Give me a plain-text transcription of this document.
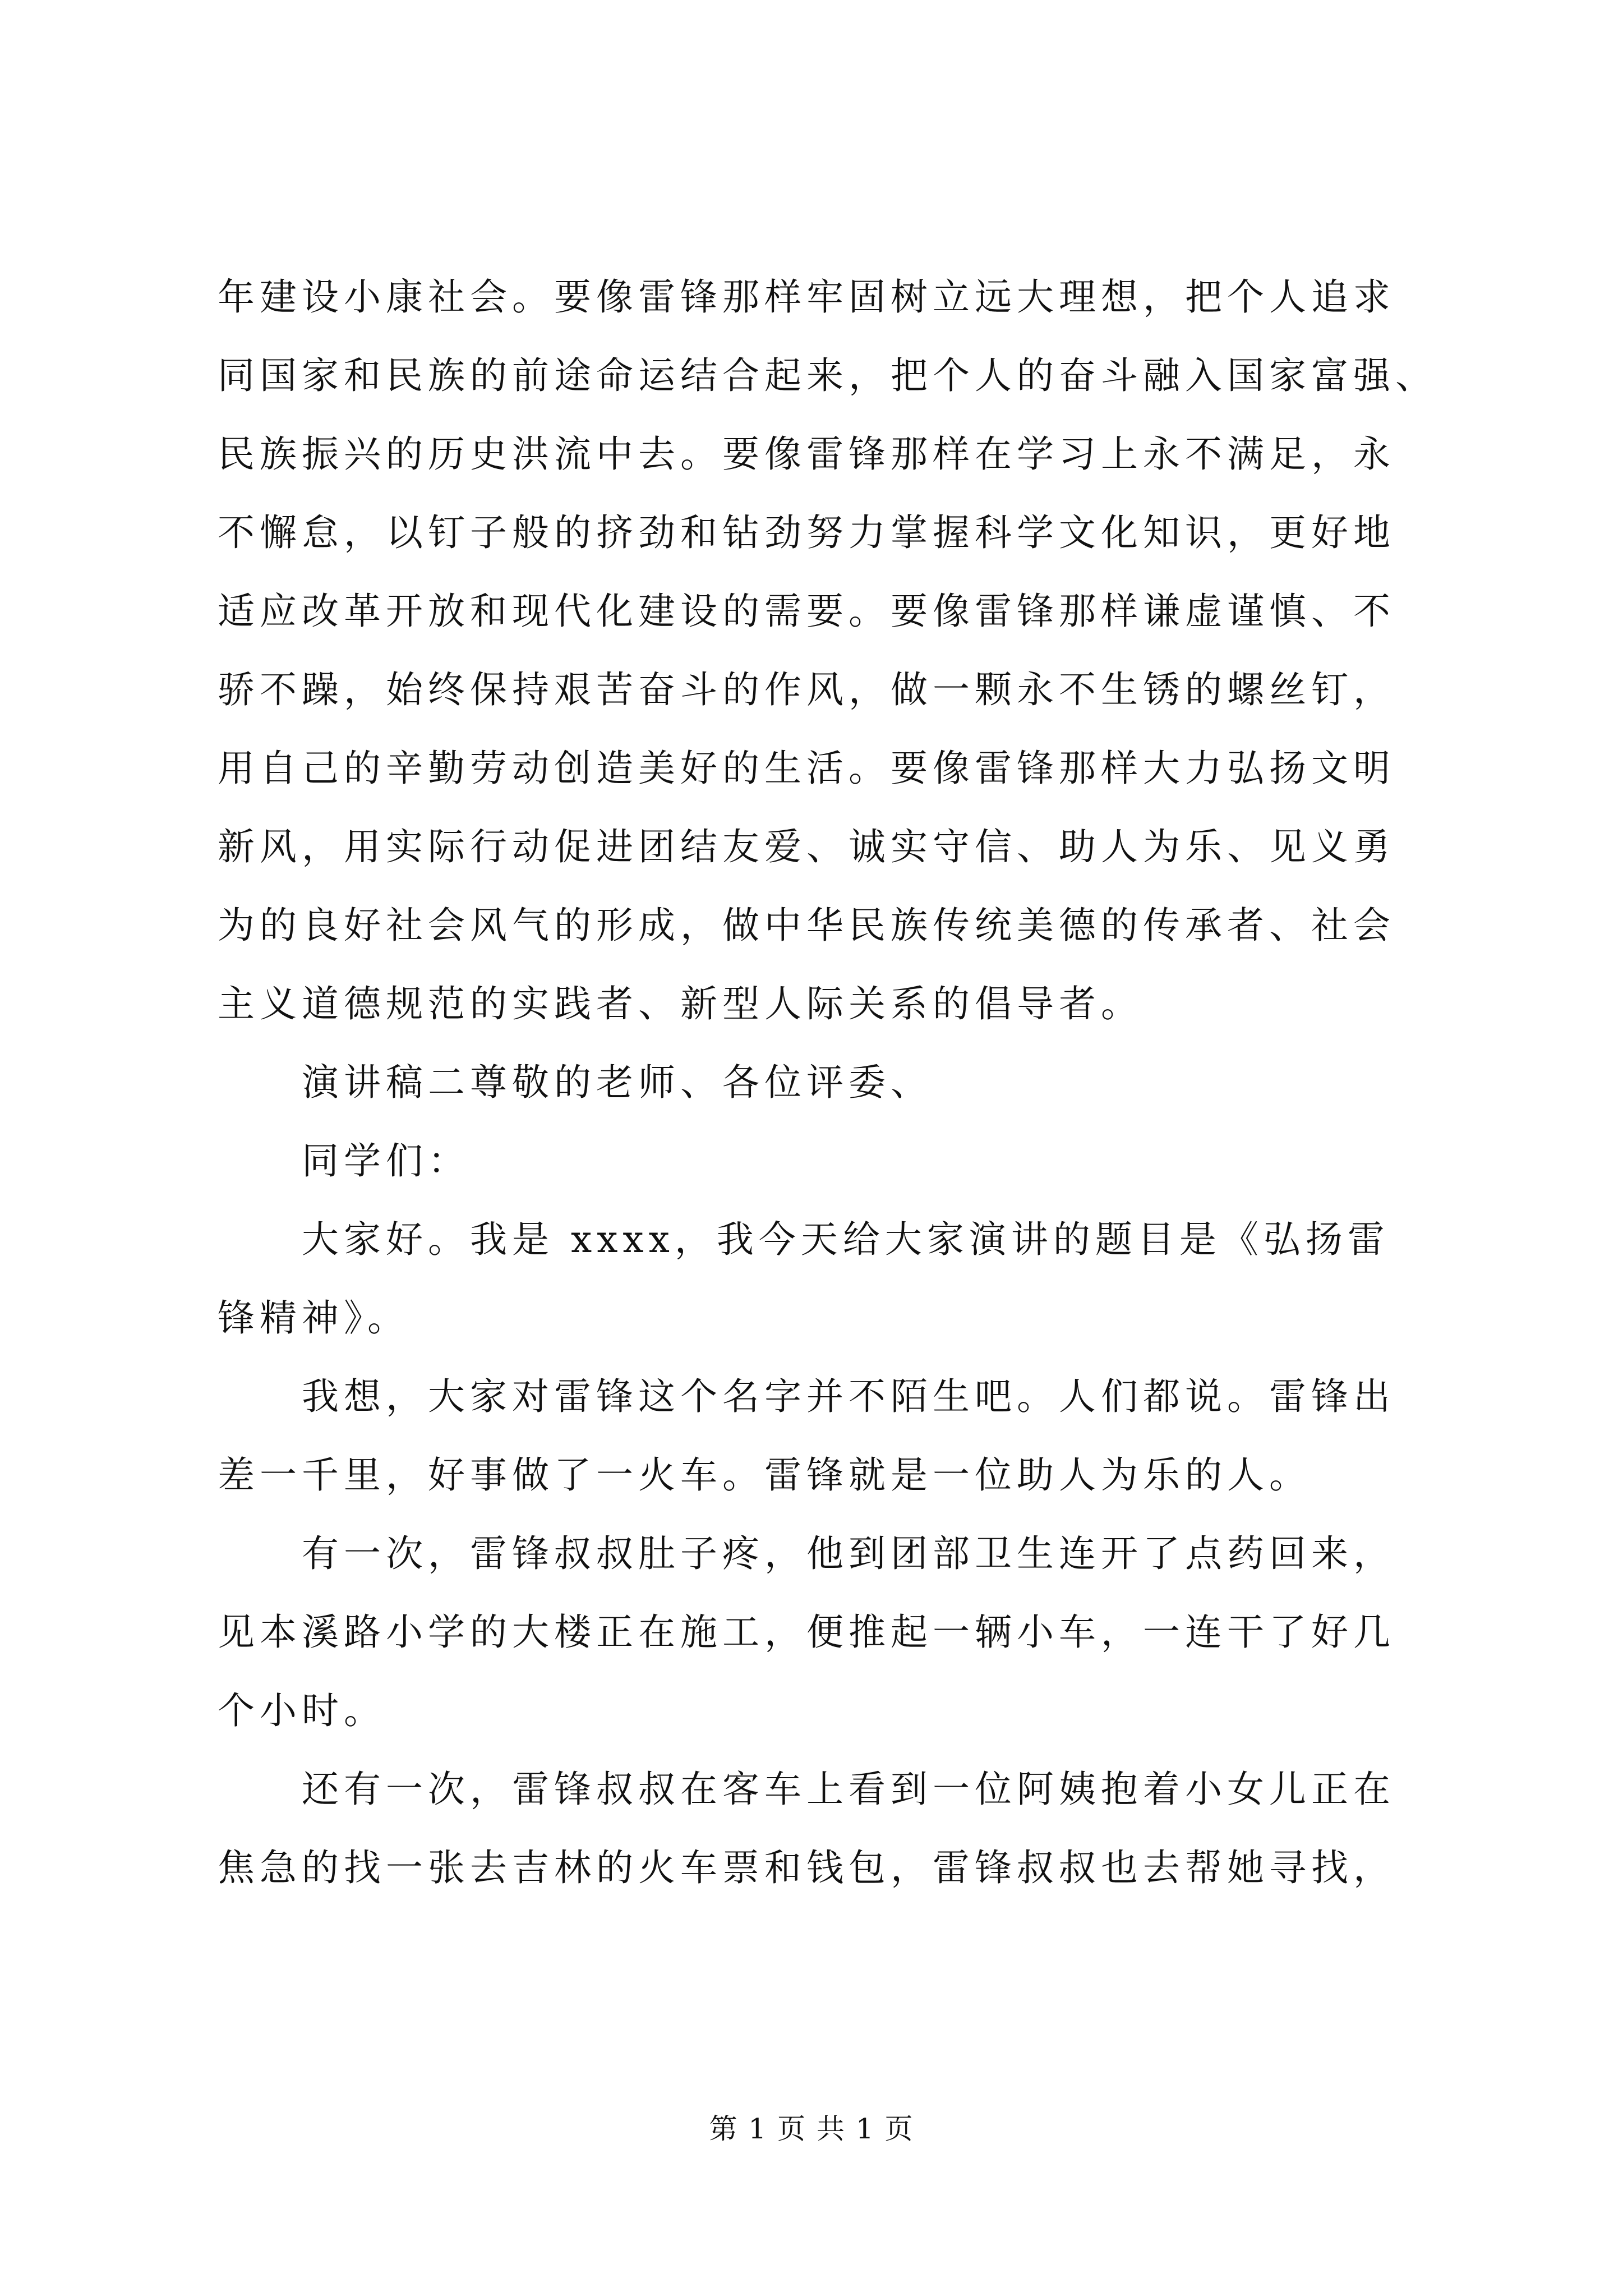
年建设小康社会。要像雷锋那样牢固树立远大理想，把个人追求
同国家和民族的前途命运结合起来，把个人的奋斗融入国家富强、
民族振兴的历史洪流中去。要像雷锋那样在学习上永不满足，永
不懈怠，以钉子般的挤劲和钻劲努力掌握科学文化知识，更好地
适应改革开放和现代化建设的需要。要像雷锋那样谦虚谨慎、不
骄不躁，始终保持艰苦奋斗的作风，做一颗永不生锈的螺丝钉，
用自己的辛勤劳动创造美好的生活。要像雷锋那样大力弘扬文明
新风，用实际行动促进团结友爱、诚实守信、助人为乐、见义勇
为的良好社会风气的形成，做中华民族传统美德的传承者、社会
主义道德规范的实践者、新型人际关系的倡导者。
演讲稿二尊敬的老师、各位评委、
同学们：
大家好。我是 xxxx，我今天给大家演讲的题目是《弘扬雷
锋精神》。
我想，大家对雷锋这个名字并不陌生吧。人们都说。雷锋出
差一千里，好事做了一火车。雷锋就是一位助人为乐的人。
有一次，雷锋叔叔肚子疼，他到团部卫生连开了点药回来，
见本溪路小学的大楼正在施工，便推起一辆小车，一连干了好几
个小时。
还有一次，雷锋叔叔在客车上看到一位阿姨抱着小女儿正在
焦急的找一张去吉林的火车票和钱包，雷锋叔叔也去帮她寻找，
第 1 页 共 1 页
